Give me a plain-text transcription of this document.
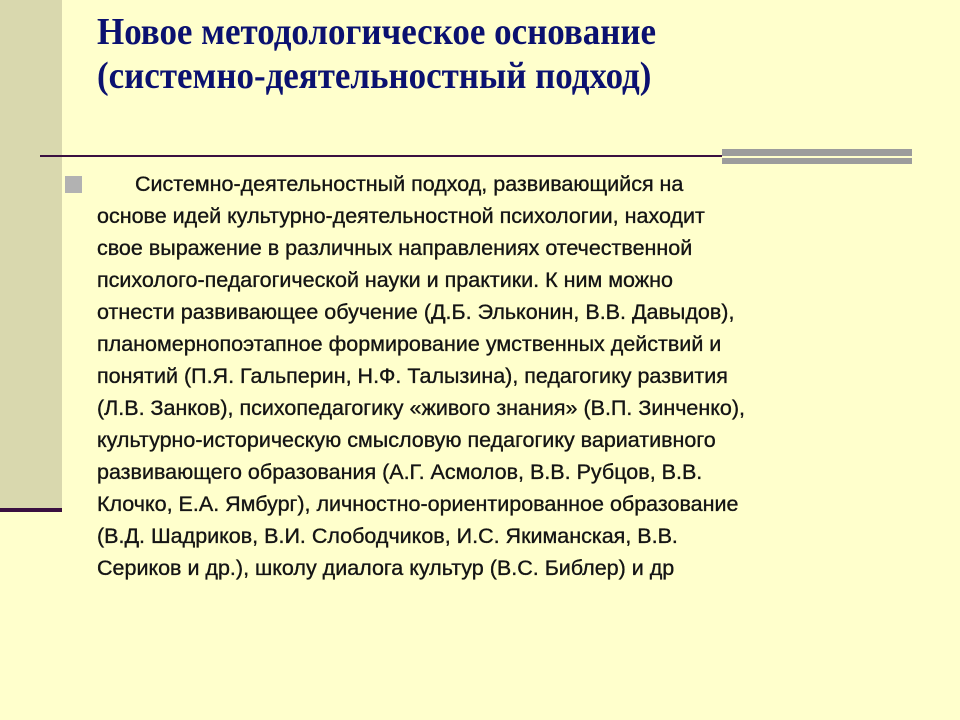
Новое методологическое основание
(системно-деятельностный подход)

Системно-деятельностный подход, развивающийся на
основе идей культурно-деятельностной психологии, находит
свое выражение в различных направлениях отечественной
психолого-педагогической науки и практики. К ним можно
отнести развивающее обучение (Д.Б. Эльконин, В.В. Давыдов),
планомернопоэтапное формирование умственных действий и
понятий (П.Я. Гальперин, Н.Ф. Талызина), педагогику развития
(Л.В. Занков), психопедагогику «живого знания» (В.П. Зинченко),
культурно-историческую смысловую педагогику вариативного
развивающего образования (А.Г. Асмолов, В.В. Рубцов, В.В.
Клочко, Е.А. Ямбург), личностно-ориентированное образование
(В.Д. Шадриков, В.И. Слободчиков, И.С. Якиманская, В.В.
Сериков и др.), школу диалога культур (В.С. Библер) и др
